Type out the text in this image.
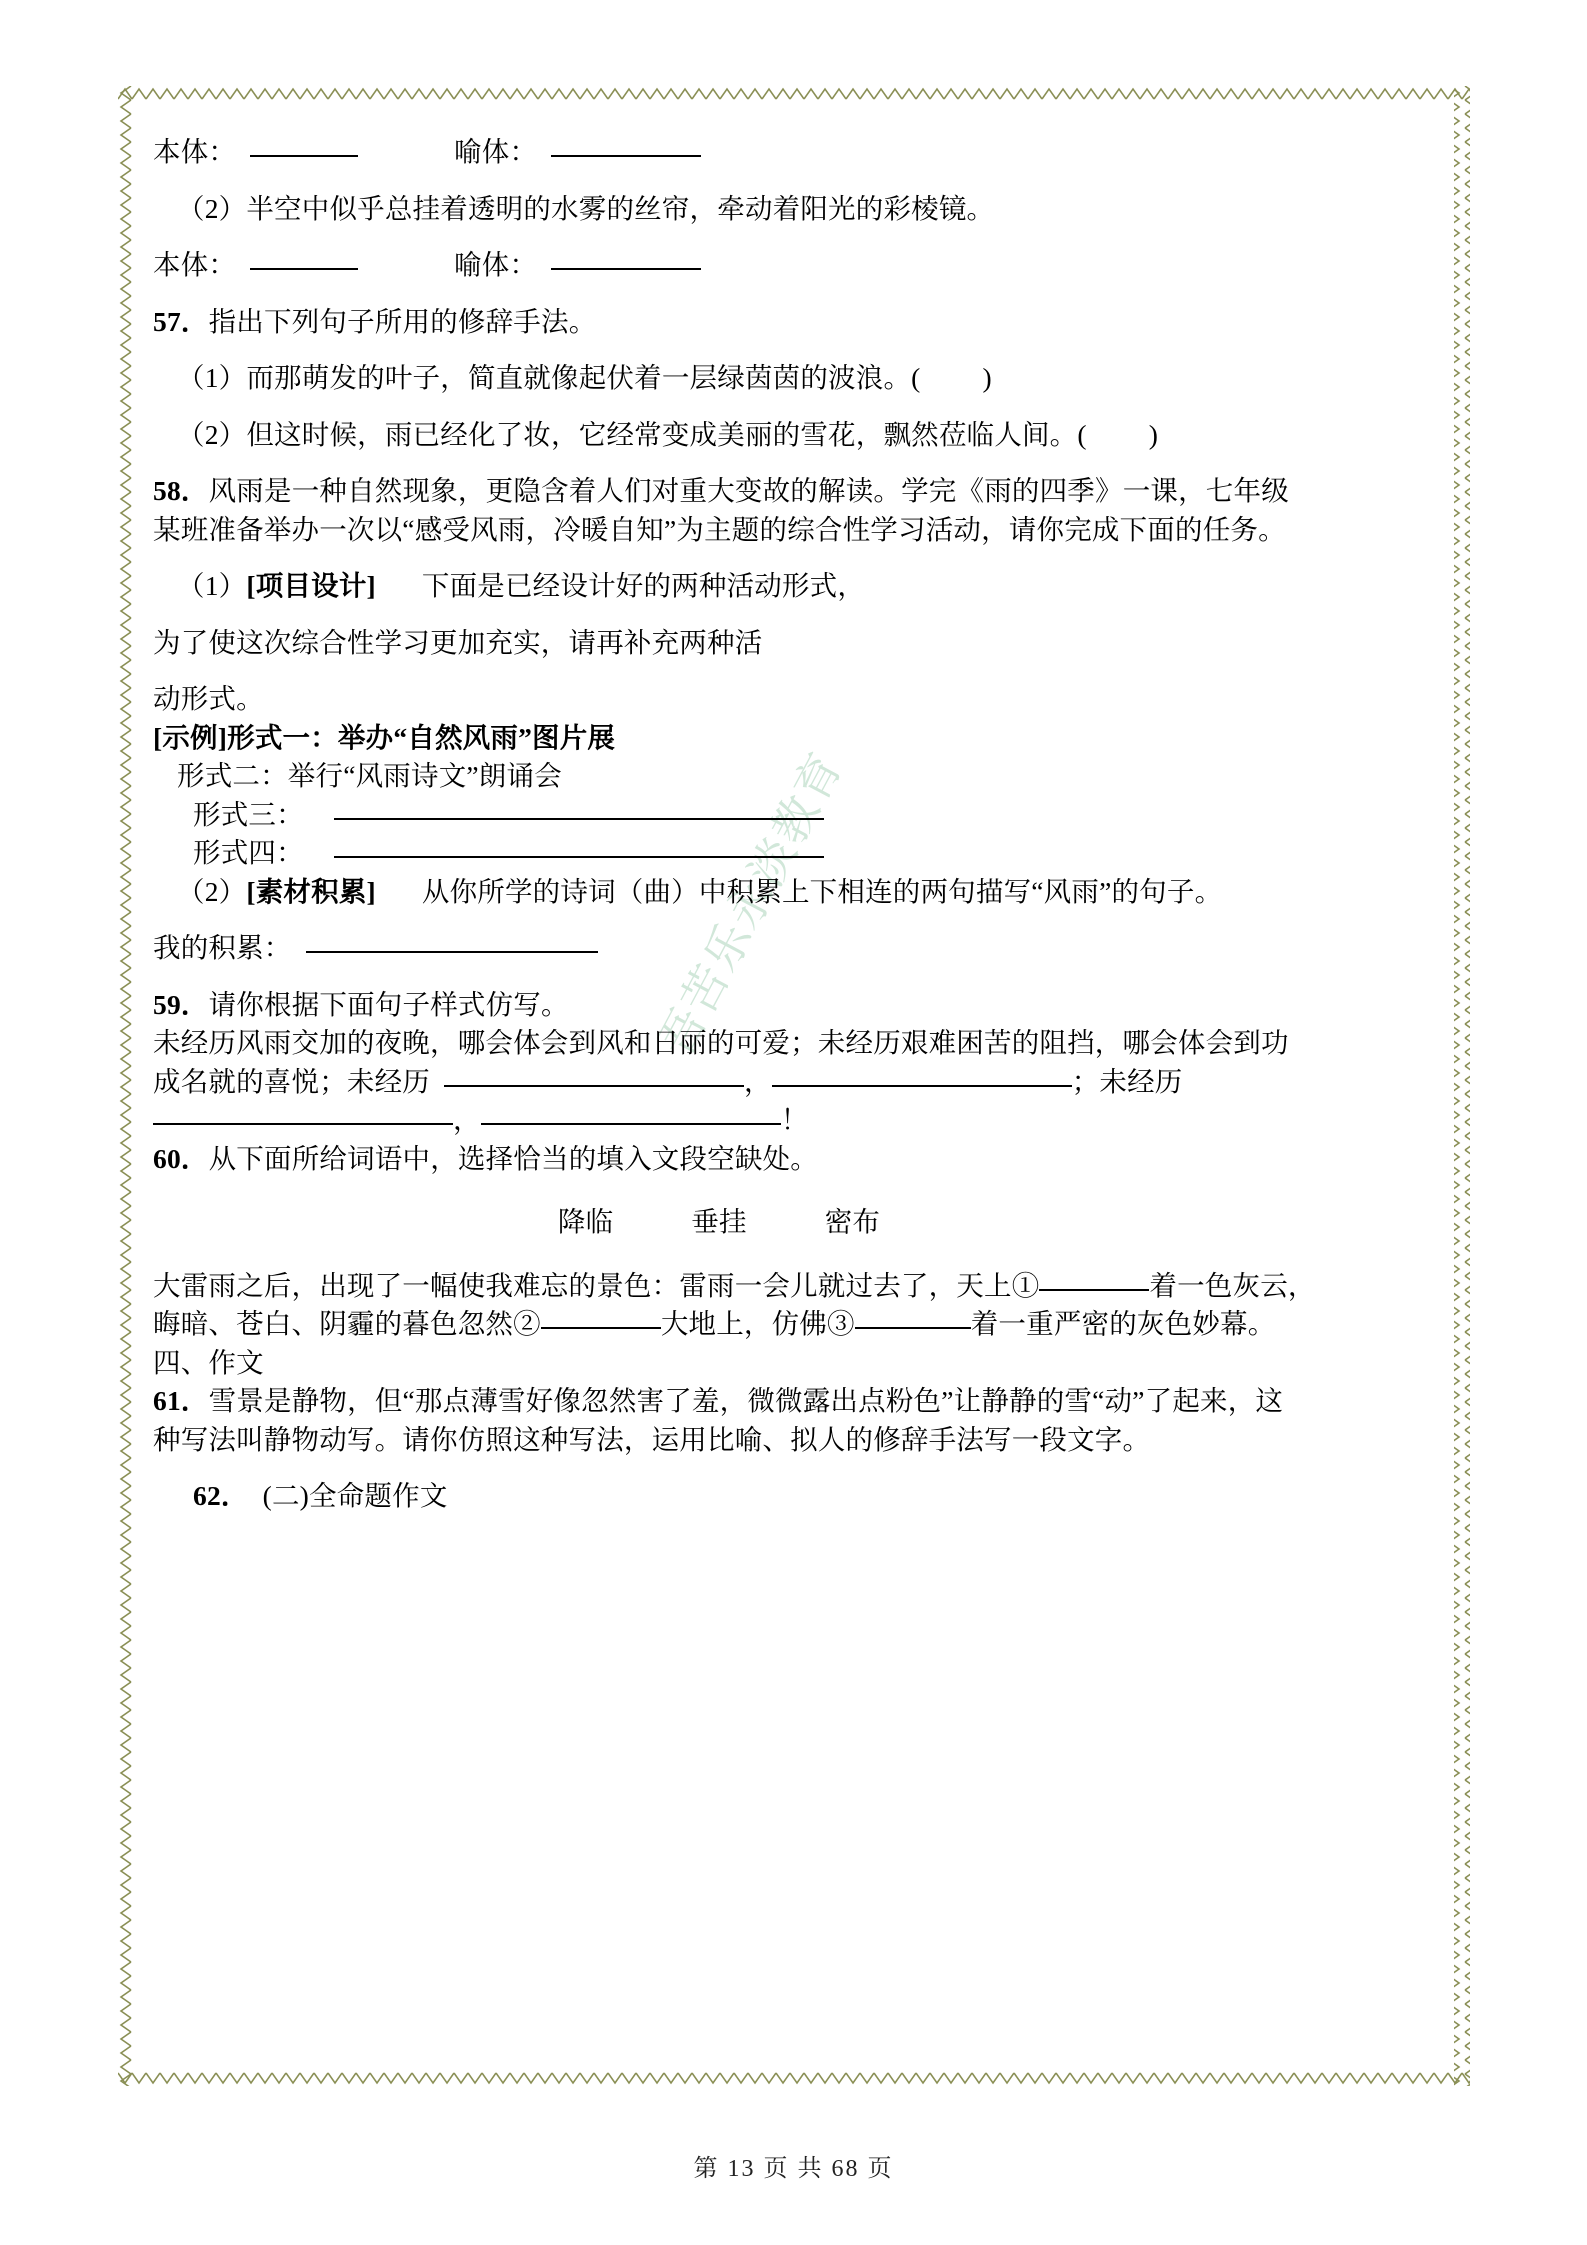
吾苦乐永淡教育
本体：	喻体：
（2）半空中似乎总挂着透明的水雾的丝帘，牵动着阳光的彩棱镜。
本体：	喻体：
57．指出下列句子所用的修辞手法。
（1）而那萌发的叶子，简直就像起伏着一层绿茵茵的波浪。( )
（2）但这时候，雨已经化了妆，它经常变成美丽的雪花，飘然莅临人间。( )
58．风雨是一种自然现象，更隐含着人们对重大变故的解读。学完《雨的四季》一课，七年级
某班准备举办一次以“感受风雨，冷暖自知”为主题的综合性学习活动，请你完成下面的任务。
（1）[项目设计] 下面是已经设计好的两种活动形式，
为了使这次综合性学习更加充实，请再补充两种活
动形式。
[示例]形式一：举办“自然风雨”图片展
形式二：举行“风雨诗文”朗诵会
形式三：
形式四：
（2）[素材积累] 从你所学的诗词（曲）中积累上下相连的两句描写“风雨”的句子。
我的积累：
59．请你根据下面句子样式仿写。
未经历风雨交加的夜晚，哪会体会到风和日丽的可爱；未经历艰难困苦的阻挡，哪会体会到功
成名就的喜悦；未经历	，	；未经历
，	！
60．从下面所给词语中，选择恰当的填入文段空缺处。
降临	垂挂	密布
大雷雨之后，出现了一幅使我难忘的景色：雷雨一会儿就过去了，天上①	着一色灰云，
晦暗、苍白、阴霾的暮色忽然②	大地上，仿佛③	着一重严密的灰色妙幕。
四、作文
61．雪景是静物，但“那点薄雪好像忽然害了羞，微微露出点粉色”让静静的雪“动”了起来，这
种写法叫静物动写。请你仿照这种写法，运用比喻、拟人的修辞手法写一段文字。
62． (二)全命题作文
第 13 页 共 68 页
